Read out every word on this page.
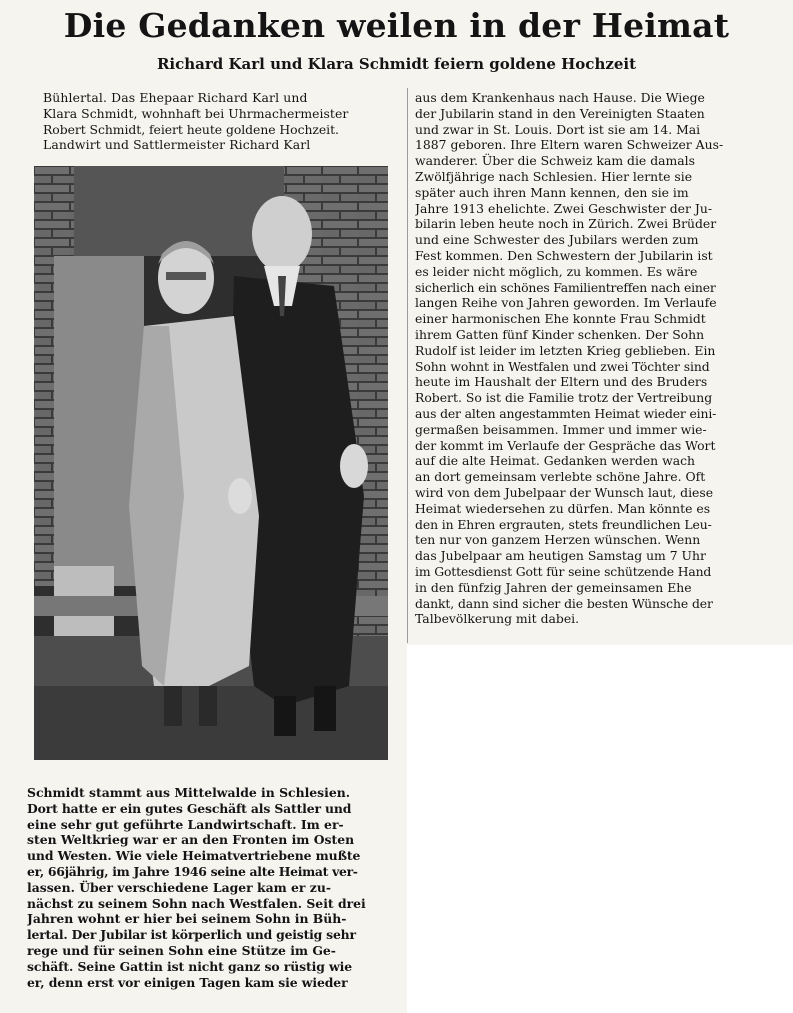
Die Gedanken weilen in der Heimat
Richard Karl und Klara Schmidt feiern goldene Hochzeit
Bühlertal. Das Ehepaar Richard Karl und
Klara Schmidt, wohnhaft bei Uhrmachermeister
Robert Schmidt, feiert heute goldene Hochzeit.
Landwirt und Sattlermeister Richard Karl
Schmidt stammt aus Mittelwalde in Schlesien.
Dort hatte er ein gutes Geschäft als Sattler und
eine sehr gut geführte Landwirtschaft. Im er-
sten Weltkrieg war er an den Fronten im Osten
und Westen. Wie viele Heimatvertriebene mußte
er, 66jährig, im Jahre 1946 seine alte Heimat ver-
lassen. Über verschiedene Lager kam er zu-
nächst zu seinem Sohn nach Westfalen. Seit drei
Jahren wohnt er hier bei seinem Sohn in Büh-
lertal. Der Jubilar ist körperlich und geistig sehr
rege und für seinen Sohn eine Stütze im Ge-
schäft. Seine Gattin ist nicht ganz so rüstig wie
er, denn erst vor einigen Tagen kam sie wieder
aus dem Krankenhaus nach Hause. Die Wiege
der Jubilarin stand in den Vereinigten Staaten
und zwar in St. Louis. Dort ist sie am 14. Mai
1887 geboren. Ihre Eltern waren Schweizer Aus-
wanderer. Über die Schweiz kam die damals
Zwölfjährige nach Schlesien. Hier lernte sie
später auch ihren Mann kennen, den sie im
Jahre 1913 ehelichte. Zwei Geschwister der Ju-
bilarin leben heute noch in Zürich. Zwei Brüder
und eine Schwester des Jubilars werden zum
Fest kommen. Den Schwestern der Jubilarin ist
es leider nicht möglich, zu kommen. Es wäre
sicherlich ein schönes Familientreffen nach einer
langen Reihe von Jahren geworden. Im Verlaufe
einer harmonischen Ehe konnte Frau Schmidt
ihrem Gatten fünf Kinder schenken. Der Sohn
Rudolf ist leider im letzten Krieg geblieben. Ein
Sohn wohnt in Westfalen und zwei Töchter sind
heute im Haushalt der Eltern und des Bruders
Robert. So ist die Familie trotz der Vertreibung
aus der alten angestammten Heimat wieder eini-
germaßen beisammen. Immer und immer wie-
der kommt im Verlaufe der Gespräche das Wort
auf die alte Heimat. Gedanken werden wach
an dort gemeinsam verlebte schöne Jahre. Oft
wird von dem Jubelpaar der Wunsch laut, diese
Heimat wiedersehen zu dürfen. Man könnte es
den in Ehren ergrauten, stets freundlichen Leu-
ten nur von ganzem Herzen wünschen. Wenn
das Jubelpaar am heutigen Samstag um 7 Uhr
im Gottesdienst Gott für seine schützende Hand
in den fünfzig Jahren der gemeinsamen Ehe
dankt, dann sind sicher die besten Wünsche der
Talbevölkerung mit dabei.
